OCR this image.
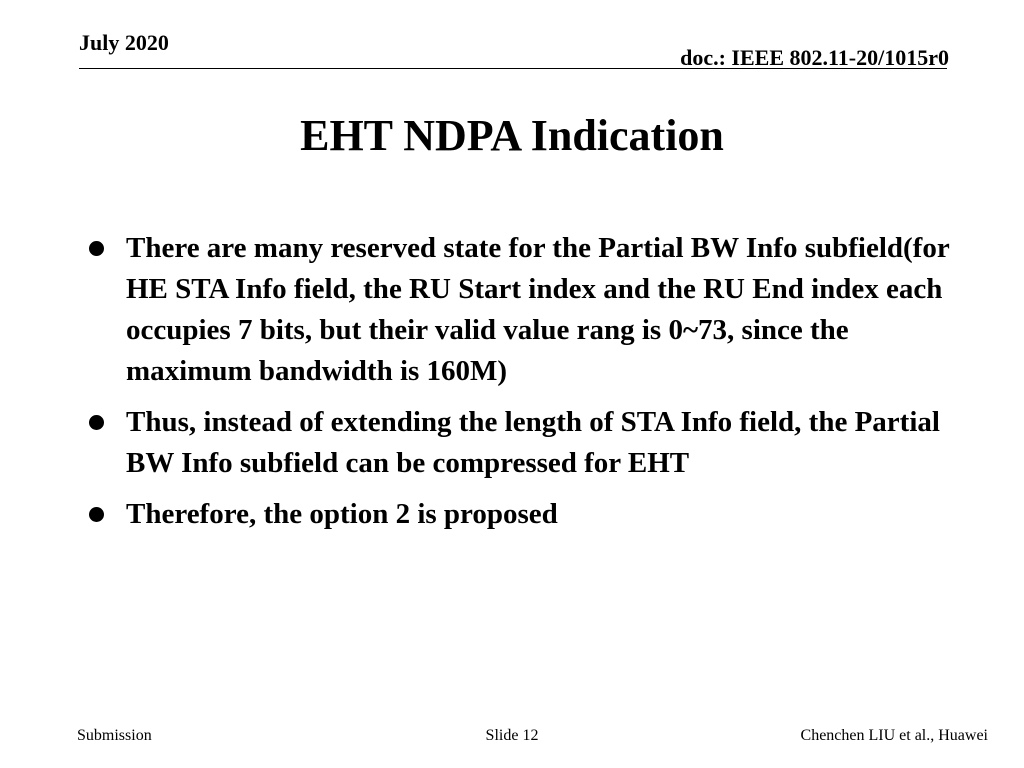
July 2020
doc.: IEEE 802.11-20/1015r0
EHT NDPA Indication
There are many reserved state for the Partial BW Info subfield(for HE STA Info field, the RU Start index and the RU End index each occupies 7 bits, but their valid value rang is 0~73, since the maximum bandwidth is 160M)
Thus, instead of extending the length of STA Info field, the Partial BW Info subfield can be compressed for EHT
Therefore, the option 2 is proposed
Submission	Slide 12	Chenchen LIU et al., Huawei
